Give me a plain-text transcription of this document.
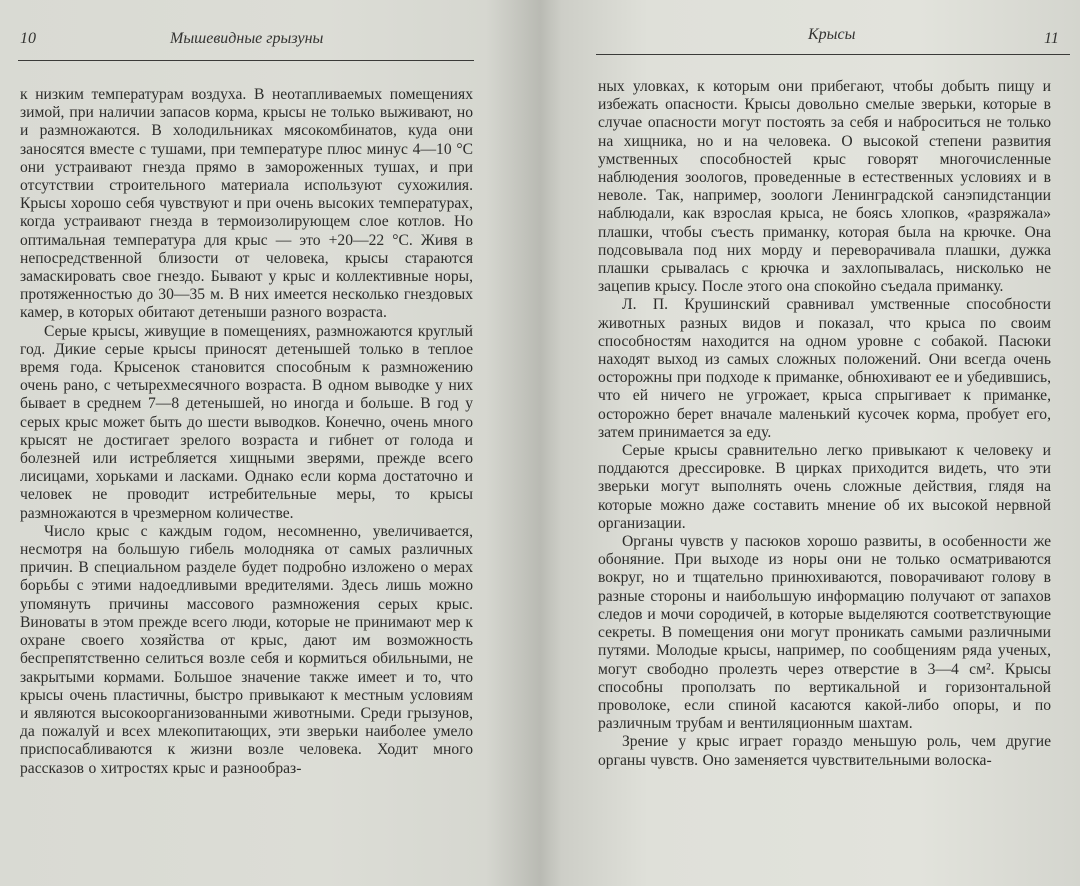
10	Мышевидные грызуны

к низким температурам воздуха. В неотапливаемых помещениях зимой, при наличии запасов корма, крысы не только выживают, но и размножаются. В холодильниках мясокомбинатов, куда они заносятся вместе с тушами, при температуре плюс минус 4—10 °С они устраивают гнезда прямо в замороженных тушах, и при отсутствии строительного материала используют сухожилия. Крысы хорошо себя чувствуют и при очень высоких температурах, когда устраивают гнезда в термоизолирующем слое котлов. Но оптимальная температура для крыс — это +20—22 °С. Живя в непосредственной близости от человека, крысы стараются замаскировать свое гнездо. Бывают у крыс и коллективные норы, протяженностью до 30—35 м. В них имеется несколько гнездовых камер, в которых обитают детеныши разного возраста.

Серые крысы, живущие в помещениях, размножаются круглый год. Дикие серые крысы приносят детенышей только в теплое время года. Крысенок становится способным к размножению очень рано, с четырехмесячного возраста. В одном выводке у них бывает в среднем 7—8 детенышей, но иногда и больше. В год у серых крыс может быть до шести выводков. Конечно, очень много крысят не достигает зрелого возраста и гибнет от голода и болезней или истребляется хищными зверями, прежде всего лисицами, хорьками и ласками. Однако если корма достаточно и человек не проводит истребительные меры, то крысы размножаются в чрезмерном количестве.

Число крыс с каждым годом, несомненно, увеличивается, несмотря на большую гибель молодняка от самых различных причин. В специальном разделе будет подробно изложено о мерах борьбы с этими надоедливыми вредителями. Здесь лишь можно упомянуть причины массового размножения серых крыс. Виноваты в этом прежде всего люди, которые не принимают мер к охране своего хозяйства от крыс, дают им возможность беспрепятственно селиться возле себя и кормиться обильными, не закрытыми кормами. Большое значение также имеет и то, что крысы очень пластичны, быстро привыкают к местным условиям и являются высокоорганизованными животными. Среди грызунов, да пожалуй и всех млекопитающих, эти зверьки наиболее умело приспосабливаются к жизни возле человека. Ходит много рассказов о хитростях крыс и разнообраз-

Крысы	11

ных уловках, к которым они прибегают, чтобы добыть пищу и избежать опасности. Крысы довольно смелые зверьки, которые в случае опасности могут постоять за себя и наброситься не только на хищника, но и на человека. О высокой степени развития умственных способностей крыс говорят многочисленные наблюдения зоологов, проведенные в естественных условиях и в неволе. Так, например, зоологи Ленинградской санэпидстанции наблюдали, как взрослая крыса, не боясь хлопков, «разряжала» плашки, чтобы съесть приманку, которая была на крючке. Она подсовывала под них морду и переворачивала плашки, дужка плашки срывалась с крючка и захлопывалась, нисколько не зацепив крысу. После этого она спокойно съедала приманку.

Л. П. Крушинский сравнивал умственные способности животных разных видов и показал, что крыса по своим способностям находится на одном уровне с собакой. Пасюки находят выход из самых сложных положений. Они всегда очень осторожны при подходе к приманке, обнюхивают ее и убедившись, что ей ничего не угрожает, крыса спрыгивает к приманке, осторожно берет вначале маленький кусочек корма, пробует его, затем принимается за еду.

Серые крысы сравнительно легко привыкают к человеку и поддаются дрессировке. В цирках приходится видеть, что эти зверьки могут выполнять очень сложные действия, глядя на которые можно даже составить мнение об их высокой нервной организации.

Органы чувств у пасюков хорошо развиты, в особенности же обоняние. При выходе из норы они не только осматриваются вокруг, но и тщательно принюхиваются, поворачивают голову в разные стороны и наибольшую информацию получают от запахов следов и мочи сородичей, в которые выделяются соответствующие секреты. В помещения они могут проникать самыми различными путями. Молодые крысы, например, по сообщениям ряда ученых, могут свободно пролезть через отверстие в 3—4 см². Крысы способны проползать по вертикальной и горизонтальной проволоке, если спиной касаются какой-либо опоры, и по различным трубам и вентиляционным шахтам.

Зрение у крыс играет гораздо меньшую роль, чем другие органы чувств. Оно заменяется чувствительными волоска-
